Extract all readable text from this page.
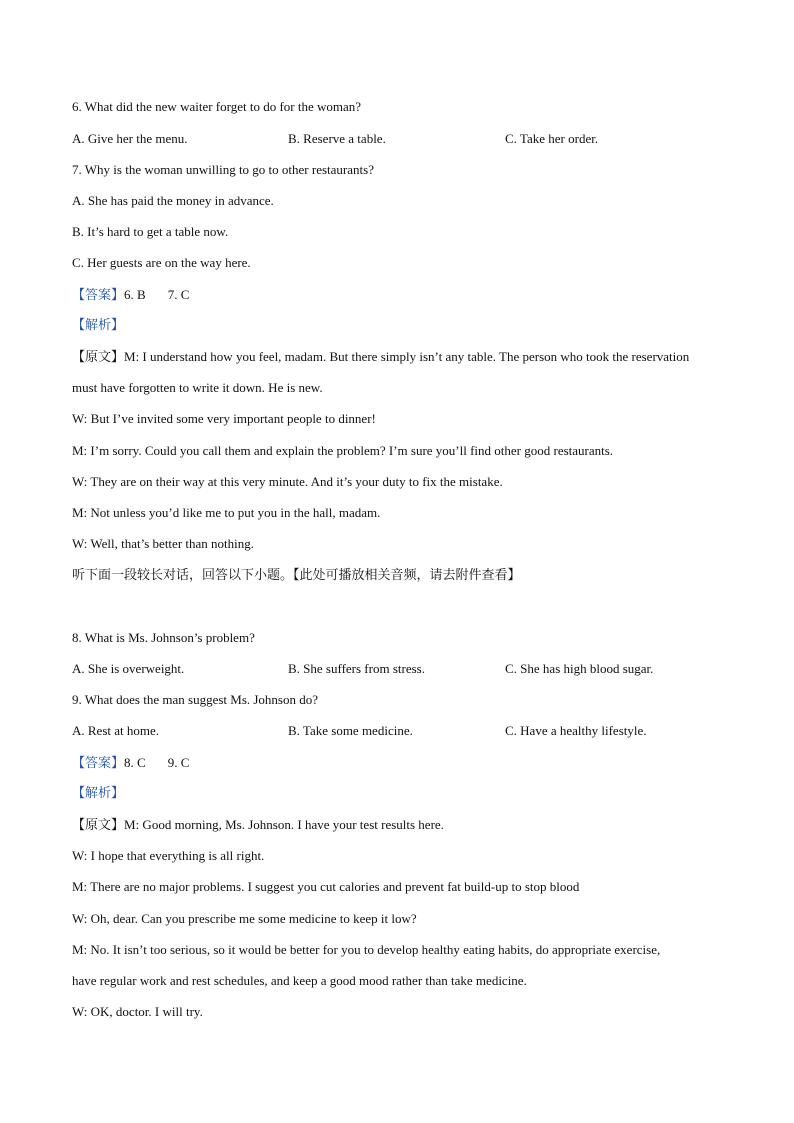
6. What did the new waiter forget to do for the woman?
A. Give her the menu.	B. Reserve a table.	C. Take her order.
7. Why is the woman unwilling to go to other restaurants?
A. She has paid the money in advance.
B. It’s hard to get a table now.
C. Her guests are on the way here.
【答案】6. B 7. C
【解析】
【原文】M: I understand how you feel, madam. But there simply isn’t any table. The person who took the reservation
must have forgotten to write it down. He is new.
W: But I’ve invited some very important people to dinner!
M: I’m sorry. Could you call them and explain the problem? I’m sure you’ll find other good restaurants.
W: They are on their way at this very minute. And it’s your duty to fix the mistake.
M: Not unless you’d like me to put you in the hall, madam.
W: Well, that’s better than nothing.
听下面一段较长对话，回答以下小题。【此处可播放相关音频，请去附件查看】
8. What is Ms. Johnson’s problem?
A. She is overweight.	B. She suffers from stress.	C. She has high blood sugar.
9. What does the man suggest Ms. Johnson do?
A. Rest at home.	B. Take some medicine.	C. Have a healthy lifestyle.
【答案】8. C 9. C
【解析】
【原文】M: Good morning, Ms. Johnson. I have your test results here.
W: I hope that everything is all right.
M: There are no major problems. I suggest you cut calories and prevent fat build-up to stop blood
W: Oh, dear. Can you prescribe me some medicine to keep it low?
M: No. It isn’t too serious, so it would be better for you to develop healthy eating habits, do appropriate exercise,
have regular work and rest schedules, and keep a good mood rather than take medicine.
W: OK, doctor. I will try.
